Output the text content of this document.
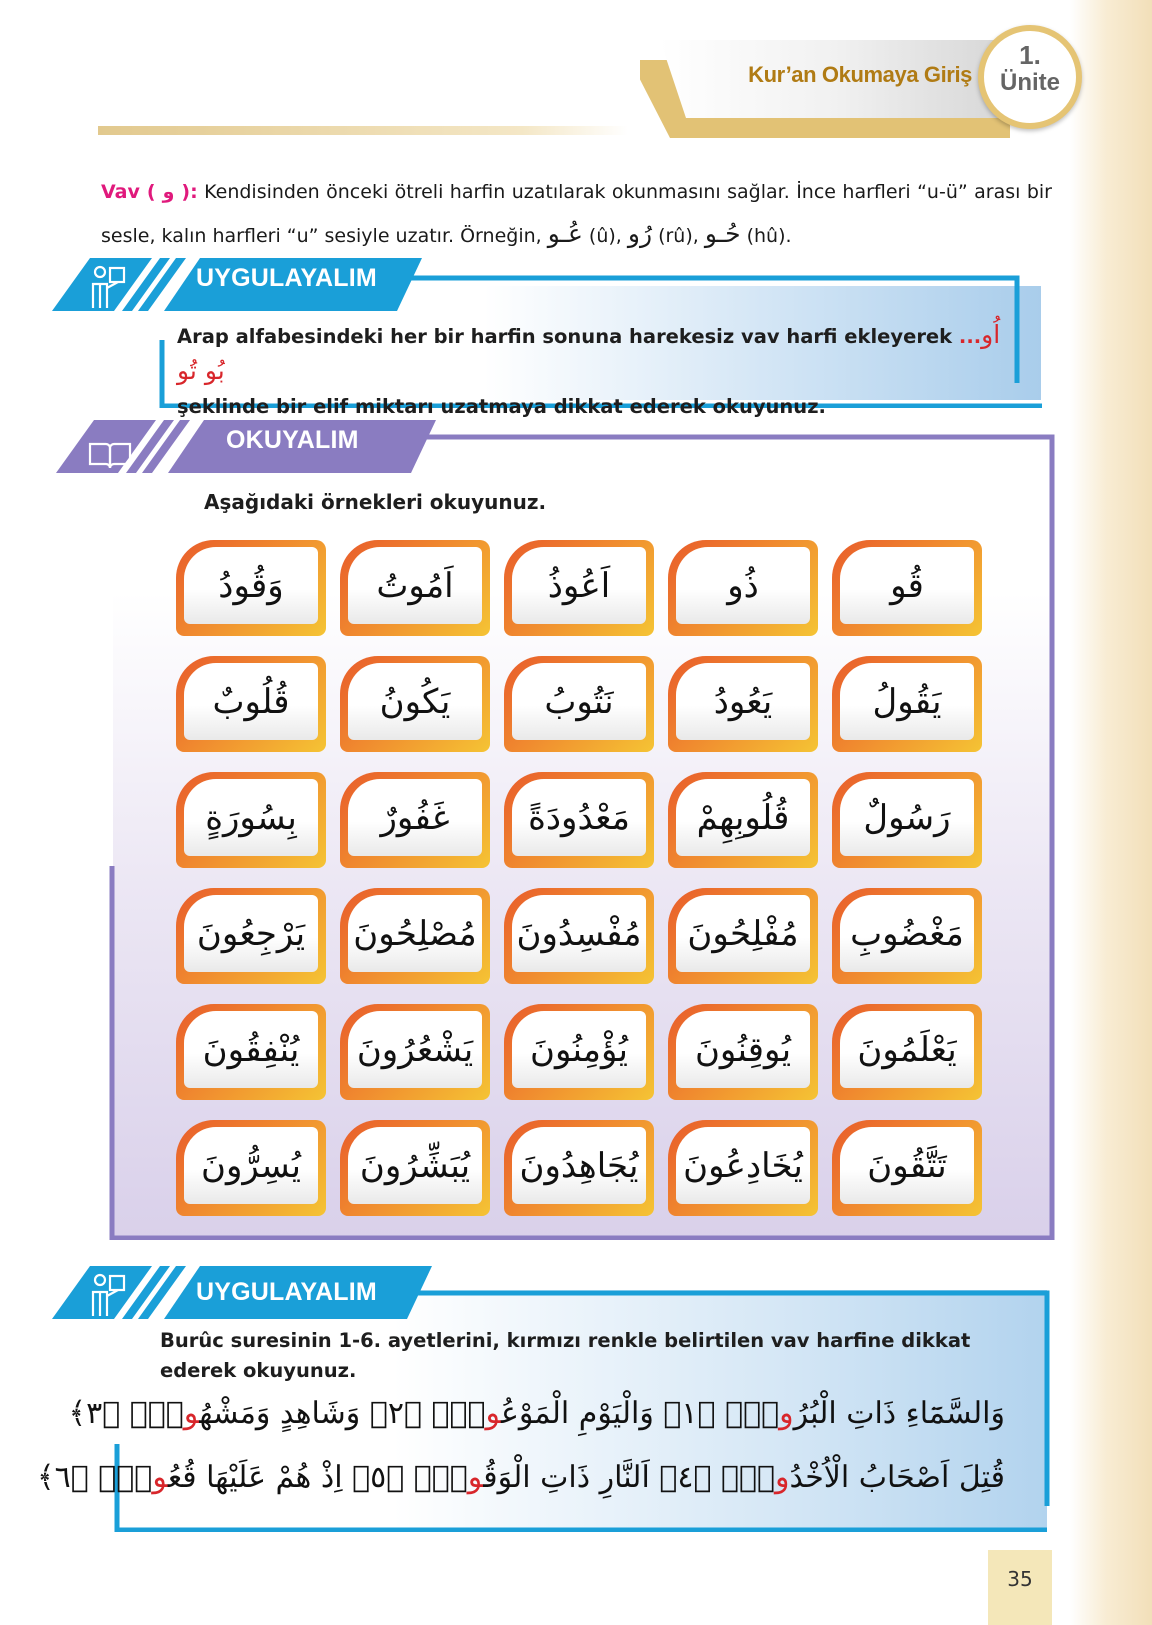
Kur’an Okumaya Giriş
1.
Ünite
Vav ( و ): Kendisinden önceki ötreli harfin uzatılarak okunmasını sağlar. İnce harfleri “u-ü” arası bir sesle, kalın harfleri “u” sesiyle uzatır. Örneğin, عُـو (û), رُو (rû), حُـو (hû).
UYGULAYALIM
Arap alfabesindeki her bir harfin sonuna harekesiz vav harfi ekleyerek ...اُو بُو تُو
şeklinde bir elif miktarı uzatmaya dikkat ederek okuyunuz.
OKUYALIM
Aşağıdaki örnekleri okuyunuz.
قُو
ذُو
اَعُوذُ
اَمُوتُ
وَقُودُ
يَقُولُ
يَعُودُ
نَتُوبُ
يَكُونُ
قُلُوبٌ
رَسُولٌ
قُلُوبِهِمْ
مَعْدُودَةً
غَفُورٌ
بِسُورَةٍ
مَغْضُوبِ
مُفْلِحُونَ
مُفْسِدُونَ
مُصْلِحُونَ
يَرْجِعُونَ
يَعْلَمُونَ
يُوقِنُونَ
يُؤْمِنُونَ
يَشْعُرُونَ
يُنْفِقُونَ
تَتَّقُونَ
يُخَادِعُونَ
يُجَاهِدُونَ
يُبَشِّرُونَ
يُسِرُّونَ
UYGULAYALIM
Burûc suresinin 1-6. ayetlerini, kırmızı renkle belirtilen vav harfine dikkat ederek okuyunuz.
وَالسَّمَٓاءِ ذَاتِ الْبُرُوجِۙ ﴿١﴾ وَالْيَوْمِ الْمَوْعُودِۙ ﴿٢﴾ وَشَاهِدٍ وَمَشْهُودٍۜ ﴿٣﴾
قُتِلَ اَصْحَابُ الْاُخْدُودِۙ ﴿٤﴾ اَلنَّارِ ذَاتِ الْوَقُودِۙ ﴿٥﴾ اِذْ هُمْ عَلَيْهَا قُعُودٌۙ ﴿٦﴾
35
